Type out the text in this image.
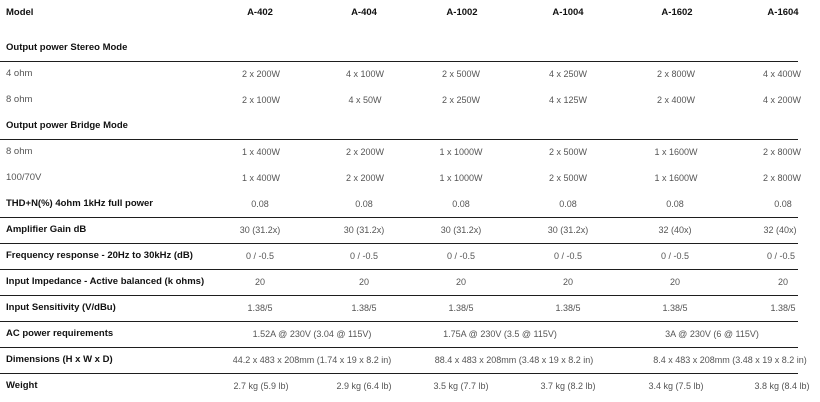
Model	A-402	A-404	A-1002	A-1004	A-1602	A-1604
Output power Stereo Mode
4 ohm	2 x 200W	4 x 100W	2 x 500W	4 x 250W	2 x 800W	4 x 400W
8 ohm	2 x 100W	4 x 50W	2 x 250W	4 x 125W	2 x 400W	4 x 200W
Output power Bridge Mode
8 ohm	1 x 400W	2 x 200W	1 x 1000W	2 x 500W	1 x 1600W	2 x 800W
100/70V	1 x 400W	2 x 200W	1 x 1000W	2 x 500W	1 x 1600W	2 x 800W
THD+N(%) 4ohm 1kHz full power	0.08	0.08	0.08	0.08	0.08	0.08
Amplifier Gain dB	30 (31.2x)	30 (31.2x)	30 (31.2x)	30 (31.2x)	32 (40x)	32 (40x)
Frequency response - 20Hz to 30kHz (dB)	0 / -0.5	0 / -0.5	0 / -0.5	0 / -0.5	0 / -0.5	0 / -0.5
Input Impedance - Active balanced (k ohms)	20	20	20	20	20	20
Input Sensitivity (V/dBu)	1.38/5	1.38/5	1.38/5	1.38/5	1.38/5	1.38/5
AC power requirements	1.52A @ 230V (3.04 @ 115V)	1.75A @ 230V (3.5 @ 115V)	3A @ 230V (6 @ 115V)
Dimensions (H x W x D)	44.2 x 483 x 208mm (1.74 x 19 x 8.2 in)	88.4 x 483 x 208mm (3.48 x 19 x 8.2 in)	8.4 x 483 x 208mm (3.48 x 19 x 8.2 in)
Weight	2.7 kg (5.9 lb)	2.9 kg (6.4 lb)	3.5 kg (7.7 lb)	3.7 kg (8.2 lb)	3.4 kg (7.5 lb)	3.8 kg (8.4 lb)
